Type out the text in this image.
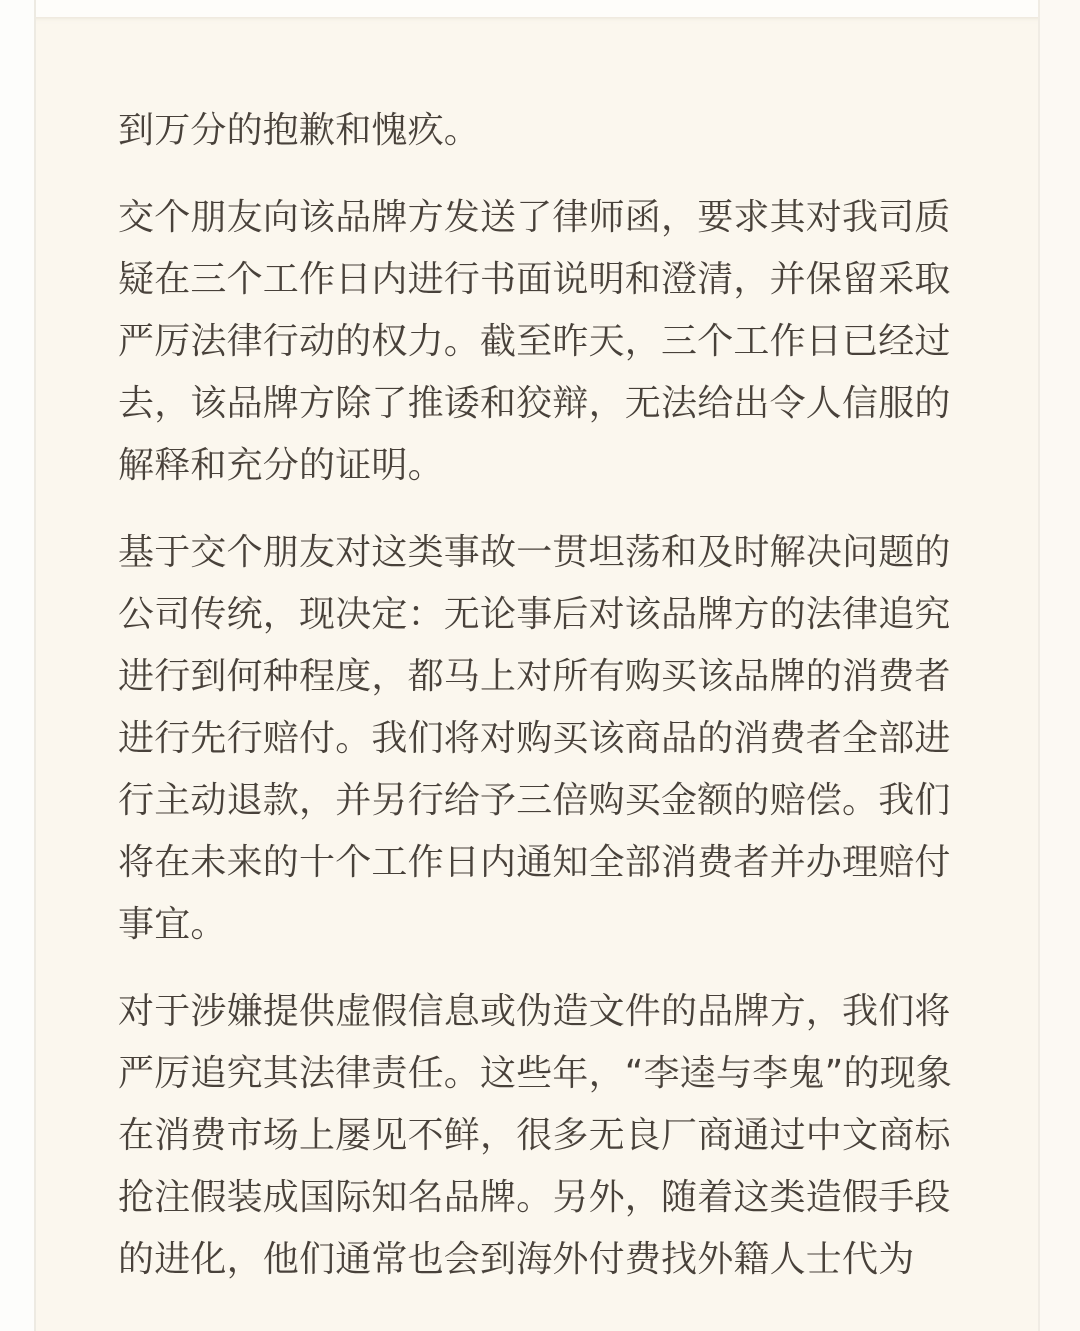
到万分的抱歉和愧疚。

交个朋友向该品牌方发送了律师函，要求其对我司质疑在三个工作日内进行书面说明和澄清，并保留采取严厉法律行动的权力。截至昨天，三个工作日已经过去，该品牌方除了推诿和狡辩，无法给出令人信服的解释和充分的证明。

基于交个朋友对这类事故一贯坦荡和及时解决问题的公司传统，现决定：无论事后对该品牌方的法律追究进行到何种程度，都马上对所有购买该品牌的消费者进行先行赔付。我们将对购买该商品的消费者全部进行主动退款，并另行给予三倍购买金额的赔偿。我们将在未来的十个工作日内通知全部消费者并办理赔付事宜。

对于涉嫌提供虚假信息或伪造文件的品牌方，我们将严厉追究其法律责任。这些年，“李逵与李鬼”的现象在消费市场上屡见不鲜，很多无良厂商通过中文商标抢注假装成国际知名品牌。另外，随着这类造假手段的进化，他们通常也会到海外付费找外籍人士代为
